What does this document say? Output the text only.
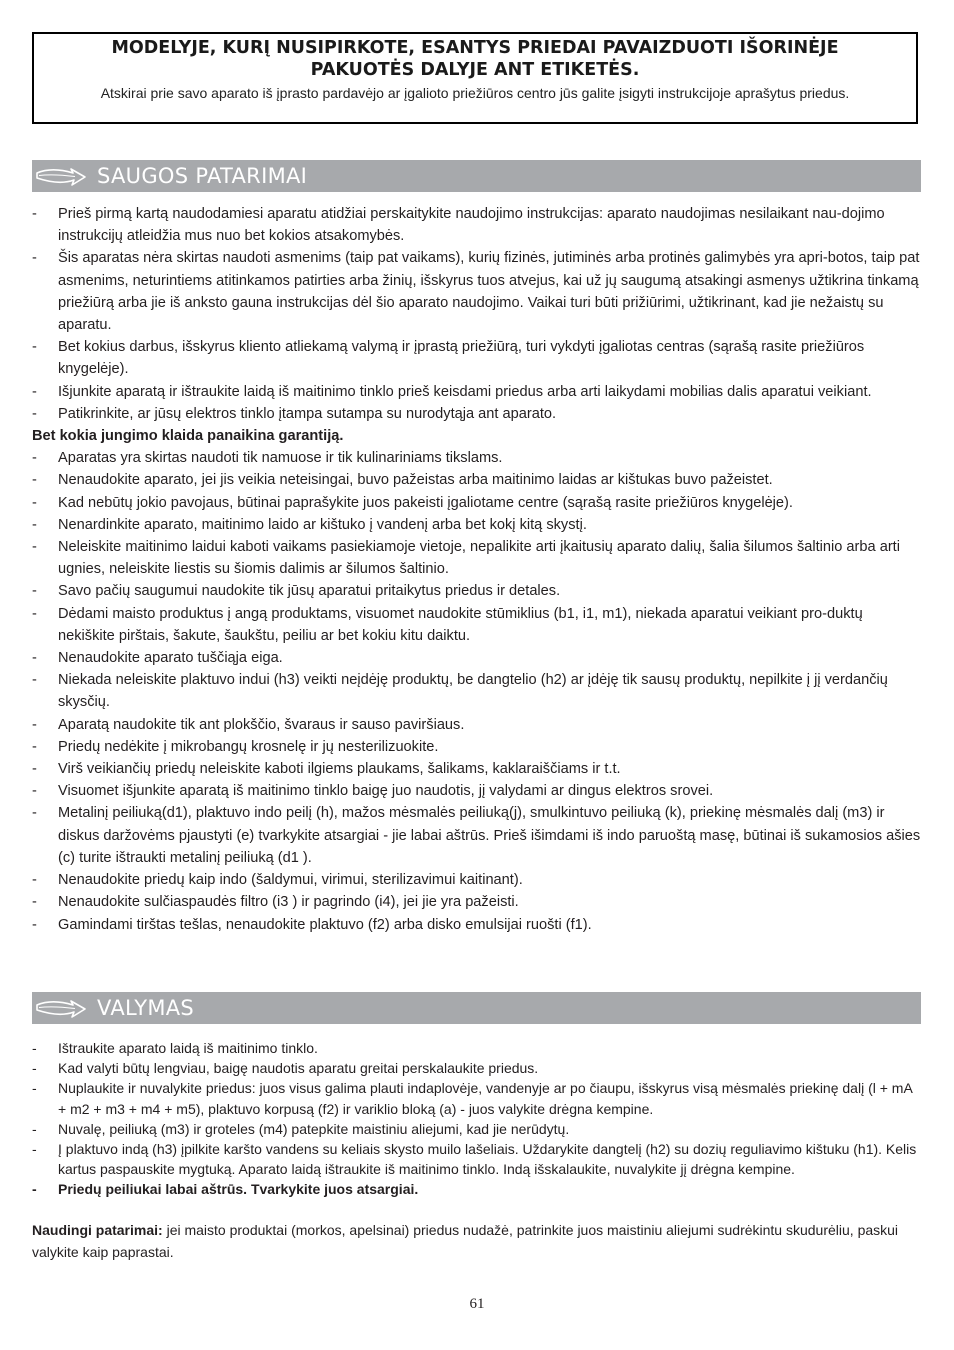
MODELYJE, KURĮ NUSIPIRKOTE, ESANTYS PRIEDAI PAVAIZDUOTI IŠORINĖJE
PAKUOTĖS DALYJE ANT ETIKETĖS.
Atskirai prie savo aparato iš įprasto pardavėjo ar įgalioto priežiūros centro jūs galite įsigyti instrukcijoje aprašytus priedus.
SAUGOS PATARIMAI
- Prieš pirmą kartą naudodamiesi aparatu atidžiai perskaitykite naudojimo instrukcijas: aparato naudojimas nesilaikant nau-dojimo instrukcijų atleidžia mus nuo bet kokios atsakomybės.
- Šis aparatas nėra skirtas naudoti asmenims (taip pat vaikams), kurių fizinės, jutiminės arba protinės galimybės yra apri-botos, taip pat asmenims, neturintiems atitinkamos patirties arba žinių, išskyrus tuos atvejus, kai už jų saugumą atsakingi asmenys užtikrina tinkamą priežiūrą arba jie iš anksto gauna instrukcijas dėl šio aparato naudojimo. Vaikai turi būti prižiūrimi, užtikrinant, kad jie nežaistų su aparatu.
- Bet kokius darbus, išskyrus kliento atliekamą valymą ir įprastą priežiūrą, turi vykdyti įgaliotas centras (sąrašą rasite priežiūros knygelėje).
- Išjunkite aparatą ir ištraukite laidą iš maitinimo tinklo prieš keisdami priedus arba arti laikydami mobilias dalis aparatui veikiant.
- Patikrinkite, ar jūsų elektros tinklo įtampa sutampa su nurodytąja ant aparato.
Bet kokia jungimo klaida panaikina garantiją.
- Aparatas yra skirtas naudoti tik namuose ir tik kulinariniams tikslams.
- Nenaudokite aparato, jei jis veikia neteisingai, buvo pažeistas arba maitinimo laidas ar kištukas buvo pažeistet.
- Kad nebūtų jokio pavojaus, būtinai paprašykite juos pakeisti įgaliotame centre (sąrašą rasite priežiūros knygelėje).
- Nenardinkite aparato, maitinimo laido ar kištuko į vandenį arba bet kokį kitą skystį.
- Neleiskite maitinimo laidui kaboti vaikams pasiekiamoje vietoje, nepalikite arti įkaitusių aparato dalių, šalia šilumos šaltinio arba arti ugnies, neleiskite liestis su šiomis dalimis ar šilumos šaltinio.
- Savo pačių saugumui naudokite tik jūsų aparatui pritaikytus priedus ir detales.
- Dėdami maisto produktus į angą produktams, visuomet naudokite stūmiklius (b1, i1, m1), niekada aparatui veikiant pro-duktų nekiškite pirštais, šakute, šaukštu, peiliu ar bet kokiu kitu daiktu.
- Nenaudokite aparato tuščiąja eiga.
- Niekada neleiskite plaktuvo indui (h3) veikti neįdėję produktų, be dangtelio (h2) ar įdėję tik sausų produktų, nepilkite į jį verdančių skysčių.
- Aparatą naudokite tik ant plokščio, švaraus ir sauso paviršiaus.
- Priedų nedėkite į mikrobangų krosnelę ir jų nesterilizuokite.
- Virš veikiančių priedų neleiskite kaboti ilgiems plaukams, šalikams, kaklaraiščiams ir t.t.
- Visuomet išjunkite aparatą iš maitinimo tinklo baigę juo naudotis, jį valydami ar dingus elektros srovei.
- Metalinį peiliuką(d1), plaktuvo indo peilį (h), mažos mėsmalės peiliuką(j), smulkintuvo peiliuką (k), priekinę mėsmalės dalį (m3) ir diskus daržovėms pjaustyti (e) tvarkykite atsargiai - jie labai aštrūs. Prieš išimdami iš indo paruoštą masę, būtinai iš sukamosios ašies (c) turite ištraukti metalinį peiliuką (d1 ).
- Nenaudokite priedų kaip indo (šaldymui, virimui, sterilizavimui kaitinant).
- Nenaudokite sulčiaspaudės filtro (i3 ) ir pagrindo (i4), jei jie yra pažeisti.
- Gamindami tirštas tešlas, nenaudokite plaktuvo (f2) arba disko emulsijai ruošti (f1).
VALYMAS
- Ištraukite aparato laidą iš maitinimo tinklo.
- Kad valyti būtų lengviau, baigę naudotis aparatu greitai perskalaukite priedus.
- Nuplaukite ir nuvalykite priedus: juos visus galima plauti indaplovėje, vandenyje ar po čiaupu, išskyrus visą mėsmalės priekinę dalį (l + mA + m2 + m3 + m4 + m5), plaktuvo korpusą (f2) ir variklio bloką (a) - juos valykite drėgna kempine.
- Nuvalę, peiliuką (m3) ir groteles (m4) patepkite maistiniu aliejumi, kad jie nerūdytų.
- Į plaktuvo indą (h3) įpilkite karšto vandens su keliais skysto muilo lašeliais. Uždarykite dangtelį (h2) su dozių reguliavimo kištuku (h1). Kelis kartus paspauskite mygtuką. Aparato laidą ištraukite iš maitinimo tinklo. Indą išskalaukite, nuvalykite jį drėgna kempine.
- Priedų peiliukai labai aštrūs. Tvarkykite juos atsargiai.
Naudingi patarimai: jei maisto produktai (morkos, apelsinai) priedus nudažė, patrinkite juos maistiniu aliejumi sudrėkintu skudurėliu, paskui valykite kaip paprastai.
61
